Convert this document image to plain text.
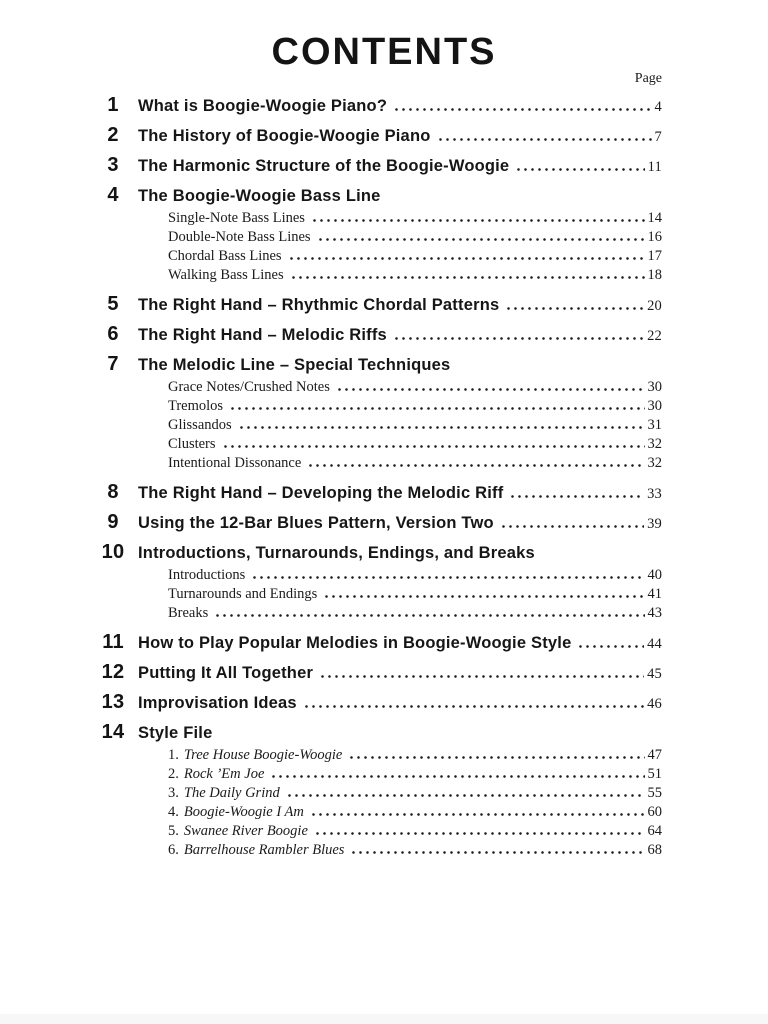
CONTENTS
Page
1	What is Boogie-Woogie Piano?	4
2	The History of Boogie-Woogie Piano	7
3	The Harmonic Structure of the Boogie-Woogie	11
4	The Boogie-Woogie Bass Line
Single-Note Bass Lines	14
Double-Note Bass Lines	16
Chordal Bass Lines	17
Walking Bass Lines	18
5	The Right Hand – Rhythmic Chordal Patterns	20
6	The Right Hand – Melodic Riffs	22
7	The Melodic Line – Special Techniques
Grace Notes/Crushed Notes	30
Tremolos	30
Glissandos	31
Clusters	32
Intentional Dissonance	32
8	The Right Hand – Developing the Melodic Riff	33
9	Using the 12-Bar Blues Pattern, Version Two	39
10 Introductions, Turnarounds, Endings, and Breaks
Introductions	40
Turnarounds and Endings	41
Breaks	43
11 How to Play Popular Melodies in Boogie-Woogie Style	44
12 Putting It All Together	45
13 Improvisation Ideas	46
14 Style File
1. Tree House Boogie-Woogie	47
2. Rock ’Em Joe	51
3. The Daily Grind	55
4. Boogie-Woogie I Am	60
5. Swanee River Boogie	64
6. Barrelhouse Rambler Blues	68
